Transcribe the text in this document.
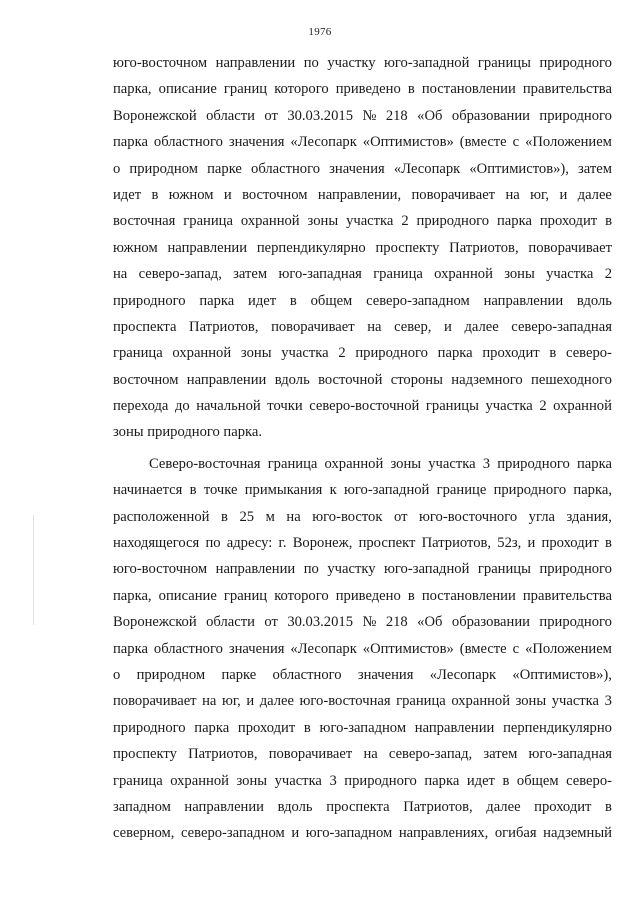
1976
юго-восточном направлении по участку юго-западной границы природного
парка, описание границ которого приведено в постановлении правительства
Воронежской области от 30.03.2015 № 218 «Об образовании природного
парка областного значения «Лесопарк «Оптимистов» (вместе с «Положением
о природном парке областного значения «Лесопарк «Оптимистов»), затем
идет в южном и восточном направлении, поворачивает на юг, и далее
восточная граница охранной зоны участка 2 природного парка проходит в
южном направлении перпендикулярно проспекту Патриотов, поворачивает
на северо-запад, затем юго-западная граница охранной зоны участка 2
природного парка идет в общем северо-западном направлении вдоль
проспекта Патриотов, поворачивает на север, и далее северо-западная
граница охранной зоны участка 2 природного парка проходит в северо-
восточном направлении вдоль восточной стороны надземного пешеходного
перехода до начальной точки северо-восточной границы участка 2 охранной
зоны природного парка.
Северо-восточная граница охранной зоны участка 3 природного парка
начинается в точке примыкания к юго-западной границе природного парка,
расположенной в 25 м на юго-восток от юго-восточного угла здания,
находящегося по адресу: г. Воронеж, проспект Патриотов, 52з, и проходит в
юго-восточном направлении по участку юго-западной границы природного
парка, описание границ которого приведено в постановлении правительства
Воронежской области от 30.03.2015 № 218 «Об образовании природного
парка областного значения «Лесопарк «Оптимистов» (вместе с «Положением
о природном парке областного значения «Лесопарк «Оптимистов»),
поворачивает на юг, и далее юго-восточная граница охранной зоны участка 3
природного парка проходит в юго-западном направлении перпендикулярно
проспекту Патриотов, поворачивает на северо-запад, затем юго-западная
граница охранной зоны участка 3 природного парка идет в общем северо-
западном направлении вдоль проспекта Патриотов, далее проходит в
северном, северо-западном и юго-западном направлениях, огибая надземный
